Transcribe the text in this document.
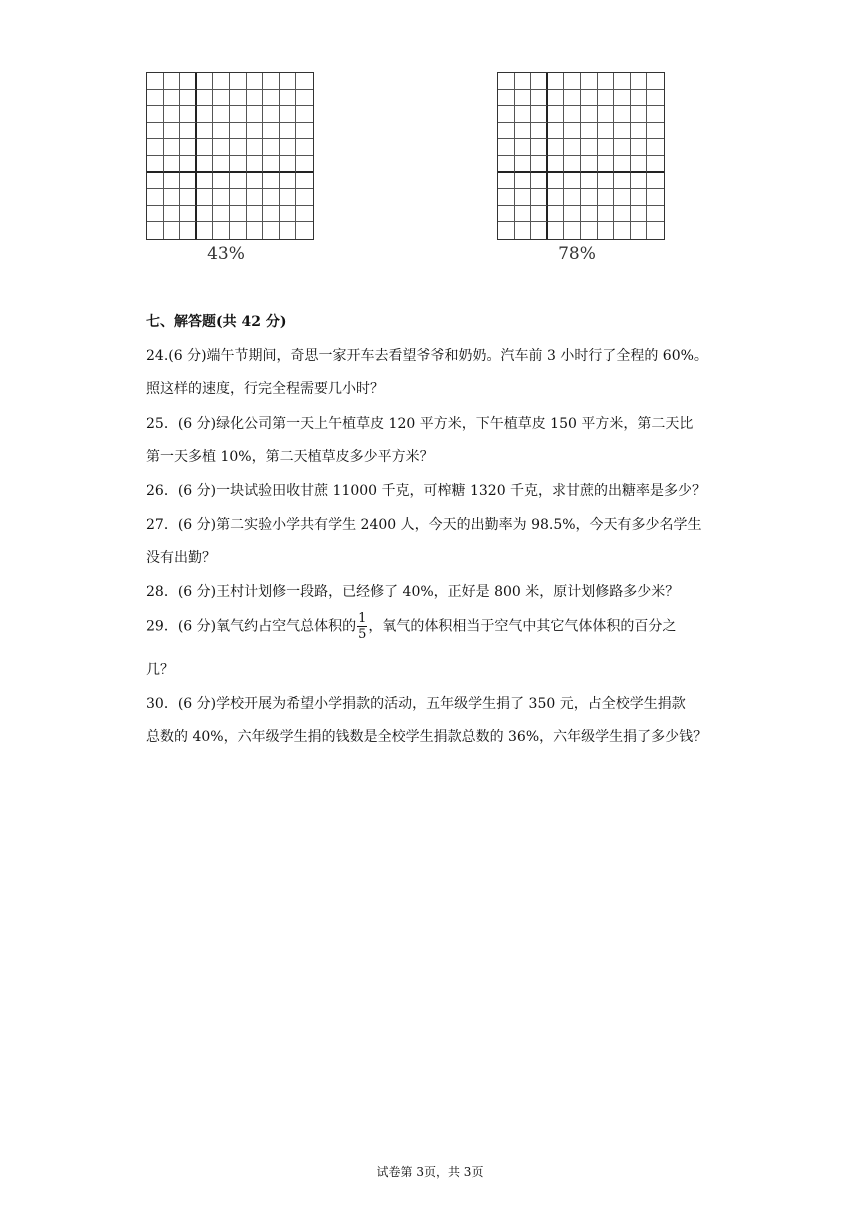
43%	78%
七、解答题(共 42 分)

24.(6 分)端午节期间，奇思一家开车去看望爷爷和奶奶。汽车前 3 小时行了全程的 60%。

照这样的速度，行完全程需要几小时？

25．(6 分)绿化公司第一天上午植草皮 120 平方米，下午植草皮 150 平方米，第二天比

第一天多植 10%，第二天植草皮多少平方米？

26．(6 分)一块试验田收甘蔗 11000 千克，可榨糖 1320 千克，求甘蔗的出糖率是多少？

27．(6 分)第二实验小学共有学生 2400 人，今天的出勤率为 98.5%，今天有多少名学生

没有出勤？

28．(6 分)王村计划修一段路，已经修了 40%，正好是 800 米，原计划修路多少米？

29．(6 分)氧气约占空气总体积的 $\frac{1}{5}$ ，氧气的体积相当于空气中其它气体体积的百分之

几？

30．(6 分)学校开展为希望小学捐款的活动，五年级学生捐了 350 元，占全校学生捐款

总数的 40%，六年级学生捐的钱数是全校学生捐款总数的 36%，六年级学生捐了多少钱？

试卷第 3页，共 3页
